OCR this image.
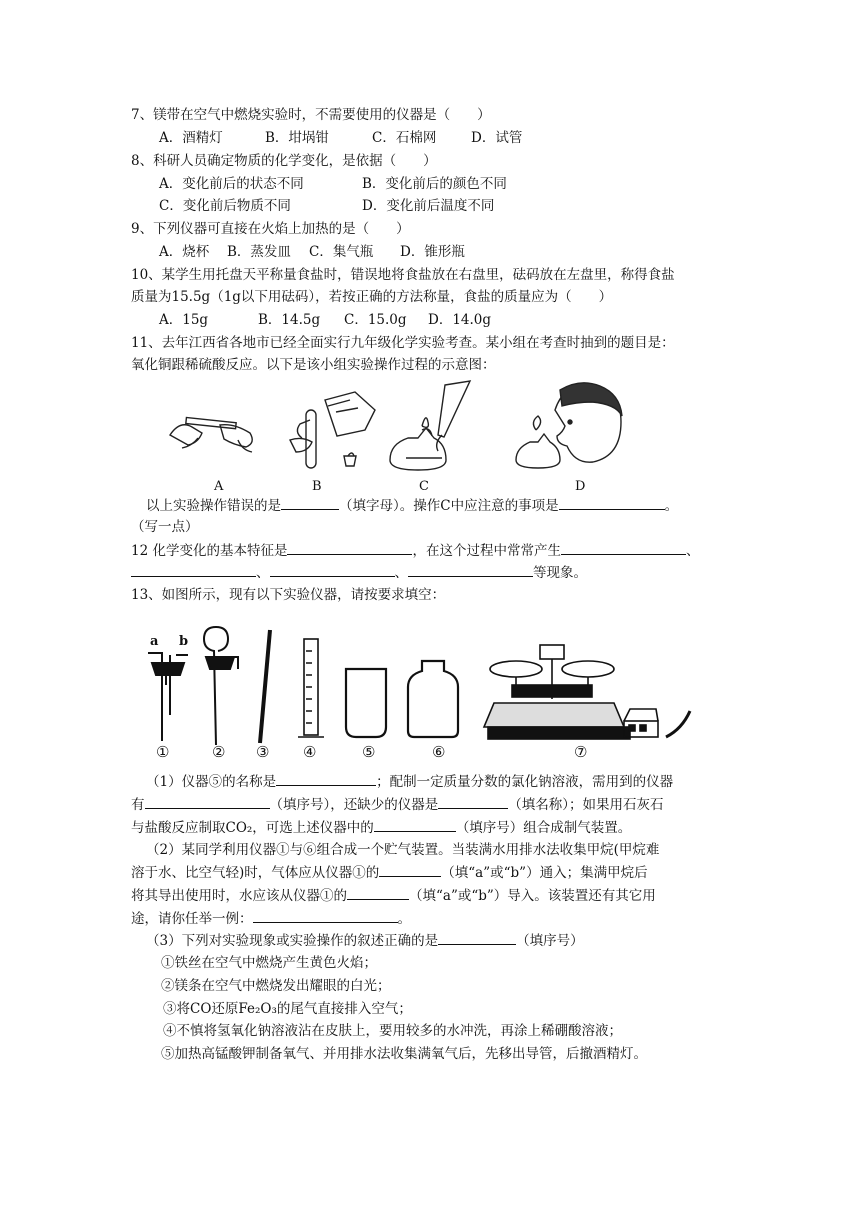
7、镁带在空气中燃烧实验时，不需要使用的仪器是（　　）
A．酒精灯	B．坩埚钳	C．石棉网	D．试管
8、科研人员确定物质的化学变化，是依据（　　）
A．变化前后的状态不同	B．变化前后的颜色不同
C．变化前后物质不同	D．变化前后温度不同
9、下列仪器可直接在火焰上加热的是（　　）
A．烧杯 B．蒸发皿 C．集气瓶 D．锥形瓶
10、某学生用托盘天平称量食盐时，错误地将食盐放在右盘里，砝码放在左盘里，称得食盐
质量为15.5g（1g以下用砝码），若按正确的方法称量，食盐的质量应为（　　）
A．15g	B．14.5g C．15.0g D．14.0g
11、去年江西省各地市已经全面实行九年级化学实验考查。某小组在考查时抽到的题目是：
氧化铜跟稀硫酸反应。以下是该小组实验操作过程的示意图：
A	B	C	D
以上实验操作错误的是	（填字母）。操作C中应注意的事项是	。
（写一点）
12 化学变化的基本特征是	，在这个过程中常常产生	、
、	、	等现象。
13、如图所示，现有以下实验仪器，请按要求填空：
a b
①	② ③ ④	⑤	⑥	⑦
（1）仪器⑤的名称是	；配制一定质量分数的氯化钠溶液，需用到的仪器
有	（填序号），还缺少的仪器是	（填名称）；如果用石灰石
与盐酸反应制取CO₂，可选上述仪器中的	（填序号）组合成制气装置。
（2）某同学利用仪器①与⑥组合成一个贮气装置。当装满水用排水法收集甲烷(甲烷难
溶于水、比空气轻)时，气体应从仪器①的	（填“a”或“b”）通入；集满甲烷后
将其导出使用时，水应该从仪器①的	（填“a”或“b”）导入。该装置还有其它用
途，请你任举一例：	。
（3）下列对实验现象或实验操作的叙述正确的是	（填序号）
①铁丝在空气中燃烧产生黄色火焰；
②镁条在空气中燃烧发出耀眼的白光；
③将CO还原Fe₂O₃的尾气直接排入空气；
④不慎将氢氧化钠溶液沾在皮肤上，要用较多的水冲洗，再涂上稀硼酸溶液；
⑤加热高锰酸钾制备氧气、并用排水法收集满氧气后，先移出导管，后撤酒精灯。
